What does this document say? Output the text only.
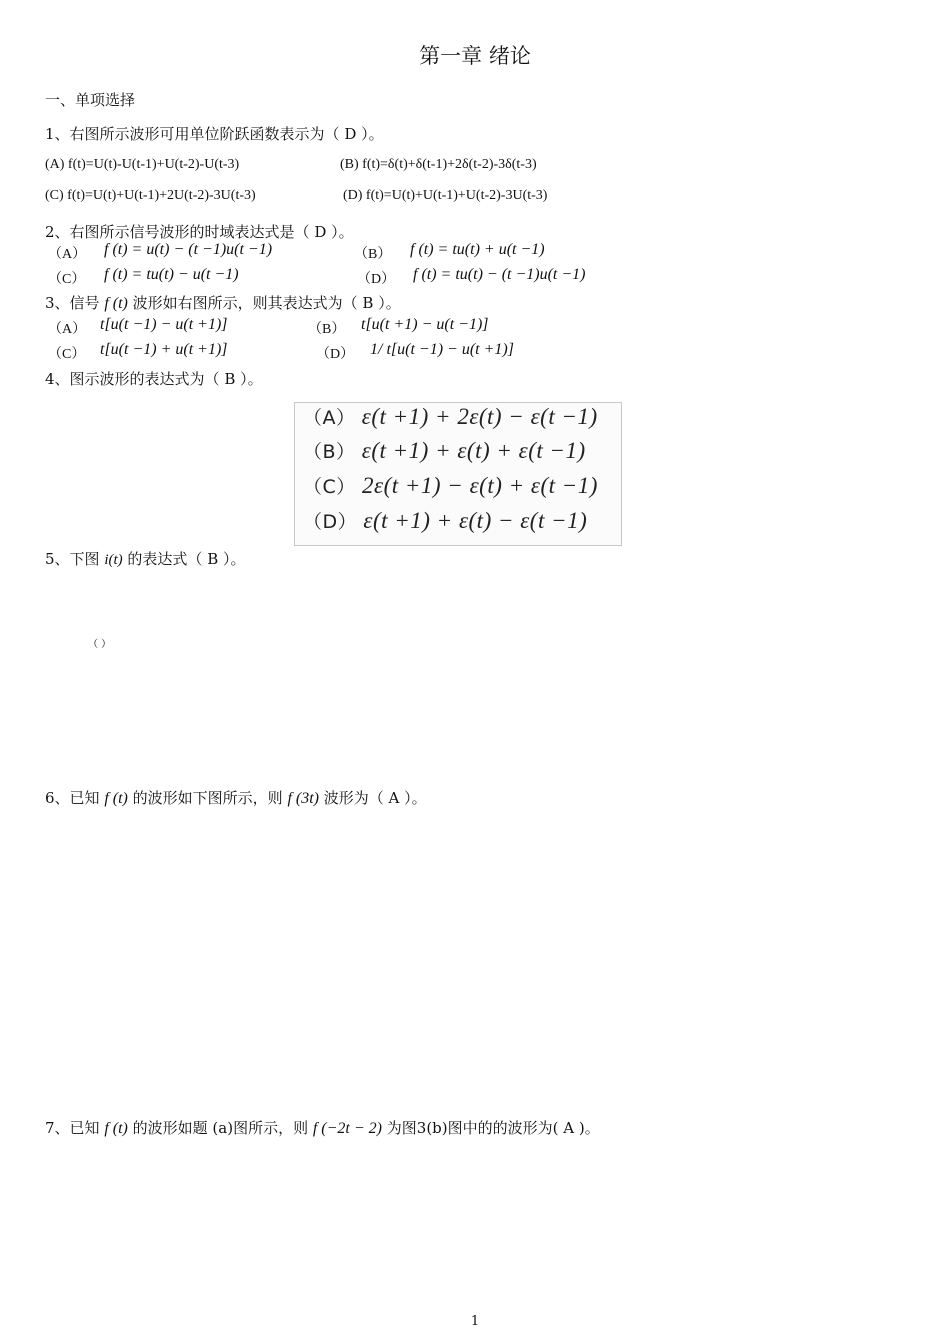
第一章 绪论
一、单项选择
1、右图所示波形可用单位阶跃函数表示为（ D ）。
(A) f(t)=U(t)-U(t-1)+U(t-2)-U(t-3)	(B) f(t)=δ(t)+δ(t-1)+2δ(t-2)-3δ(t-3)
(C) f(t)=U(t)+U(t-1)+2U(t-2)-3U(t-3)	(D) f(t)=U(t)+U(t-1)+U(t-2)-3U(t-3)
2、右图所示信号波形的时域表达式是（ D ）。
（A） f (t) = u(t) − (t −1)u(t −1)	（B） f (t) = tu(t) + u(t −1)
（C） f (t) = tu(t) − u(t −1)	（D） f (t) = tu(t) − (t −1)u(t −1)
3、信号 f (t) 波形如右图所示，则其表达式为（ B ）。
（A） t[u(t −1) − u(t +1)]	（B） t[u(t +1) − u(t −1)]
（C） t[u(t −1) + u(t +1)]	（D） 1/ t[u(t −1) − u(t +1)]
4、图示波形的表达式为（ B ）。
（A） ε(t +1) + 2ε(t) − ε(t −1)
（B） ε(t +1) + ε(t) + ε(t −1)
（C） 2ε(t +1) − ε(t) + ε(t −1)
（D） ε(t +1) + ε(t) − ε(t −1)
5、下图 i(t) 的表达式（ B ）。
（ ）
6、已知 f (t) 的波形如下图所示，则 f (3t) 波形为（ A ）。
7、已知 f (t) 的波形如题 (a)图所示，则 f (−2t − 2) 为图3(b)图中的的波形为( A )。
1
